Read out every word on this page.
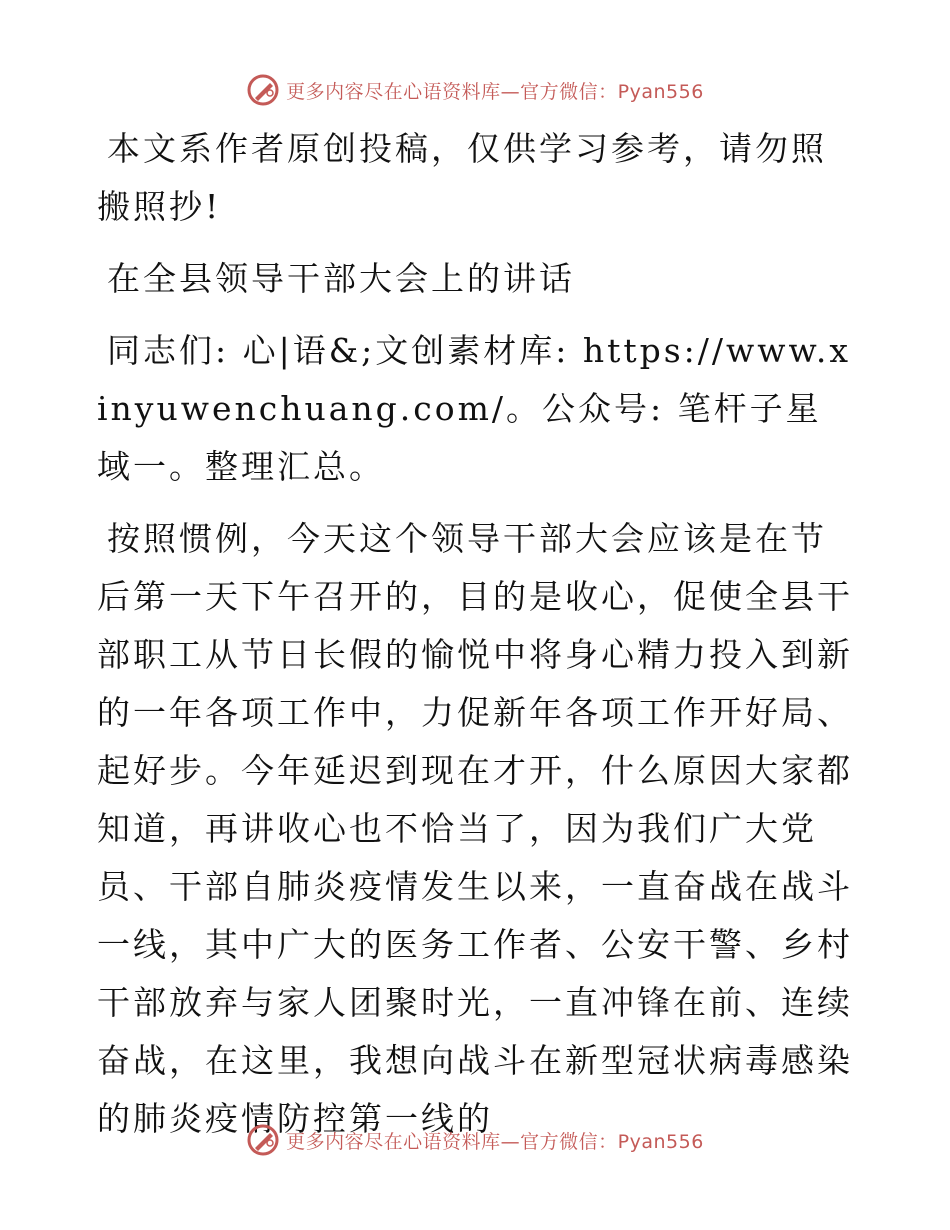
更多内容尽在心语资料库—官方微信：Pyan556

本文系作者原创投稿，仅供学习参考，请勿照搬照抄!

在全县领导干部大会上的讲话

同志们: 心|语&;文创素材库: https://www.xinyuwenchuang.com/。公众号: 笔杆子星域一。整理汇总。

按照惯例，今天这个领导干部大会应该是在节后第一天下午召开的，目的是收心，促使全县干部职工从节日长假的愉悦中将身心精力投入到新的一年各项工作中，力促新年各项工作开好局、起好步。今年延迟到现在才开，什么原因大家都知道，再讲收心也不恰当了，因为我们广大党员、干部自肺炎疫情发生以来，一直奋战在战斗一线，其中广大的医务工作者、公安干警、乡村干部放弃与家人团聚时光，一直冲锋在前、连续奋战，在这里，我想向战斗在新型冠状病毒感染的肺炎疫情防控第一线的

更多内容尽在心语资料库—官方微信：Pyan556
